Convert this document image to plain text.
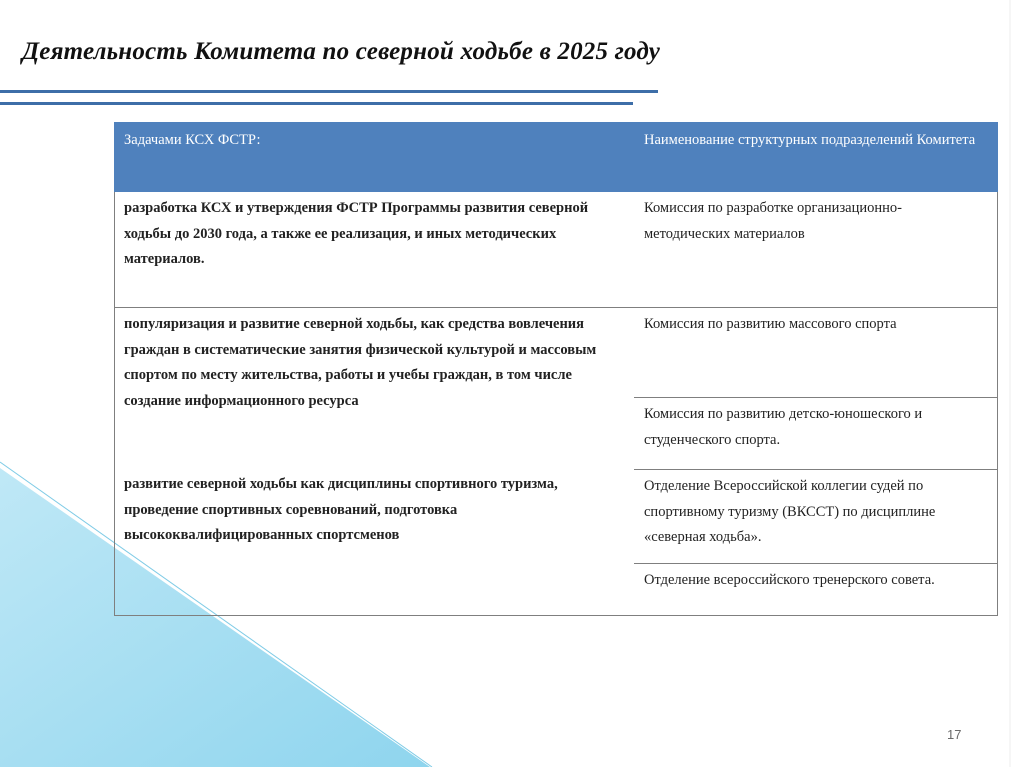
Деятельность Комитета по северной ходьбе в 2025 году
Задачами КСХ ФСТР:	Наименование структурных подразделений Комитета
разработка КСХ и утверждения ФСТР Программы развития северной ходьбы до 2030 года, а также ее реализация, и иных методических материалов.
популяризация и развитие северной ходьбы, как средства вовлечения граждан в систематические занятия физической культурой и массовым спортом по месту жительства, работы и учебы граждан, в том числе создание информационного ресурса
развитие северной ходьбы как дисциплины спортивного туризма, проведение спортивных соревнований, подготовка высококвалифицированных спортсменов
Комиссия по разработке организационно-методических материалов
Комиссия по развитию массового спорта
Комиссия по развитию детско-юношеского и студенческого спорта.
Отделение Всероссийской коллегии судей по спортивному туризму (ВКССТ) по дисциплине «северная ходьба».
Отделение всероссийского тренерского совета.
17
